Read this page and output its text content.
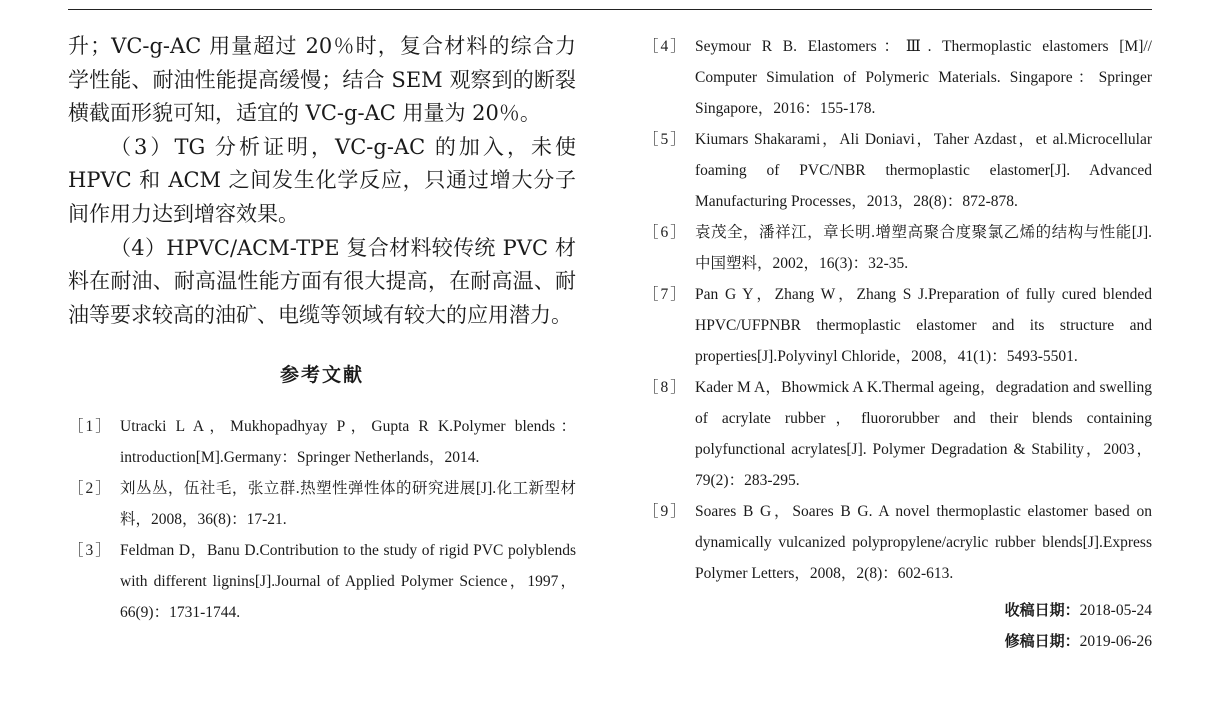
升；VC-g-AC 用量超过 20％时，复合材料的综合力学性能、耐油性能提高缓慢；结合 SEM 观察到的断裂横截面形貌可知，适宜的 VC-g-AC 用量为 20％。

（3）TG 分析证明，VC-g-AC 的加入，未使 HPVC 和 ACM 之间发生化学反应，只通过增大分子间作用力达到增容效果。

（4）HPVC/ACM-TPE 复合材料较传统 PVC 材料在耐油、耐高温性能方面有很大提高，在耐高温、耐油等要求较高的油矿、电缆等领域有较大的应用潜力。

参考文献
［1］ Utracki L A，Mukhopadhyay P，Gupta R K.Polymer blends：introduction[M].Germany：Springer Netherlands，2014.
［2］ 刘丛丛，伍社毛，张立群.热塑性弹性体的研究进展[J].化工新型材料，2008，36(8)：17-21.
［3］ Feldman D，Banu D.Contribution to the study of rigid PVC polyblends with different lignins[J].Journal of Applied Polymer Science，1997，66(9)：1731-1744.
［4］ Seymour R B. Elastomers：Ⅲ. Thermoplastic elastomers [M]// Computer Simulation of Polymeric Materials. Singapore：Springer Singapore，2016：155-178.
［5］ Kiumars Shakarami，Ali Doniavi，Taher Azdast，et al.Microcellular foaming of PVC/NBR thermoplastic elastomer[J]. Advanced Manufacturing Processes，2013，28(8)：872-878.
［6］ 袁茂全，潘祥江，章长明.增塑高聚合度聚氯乙烯的结构与性能[J].中国塑料，2002，16(3)：32-35.
［7］ Pan G Y，Zhang W，Zhang S J.Preparation of fully cured blended HPVC/UFPNBR thermoplastic elastomer and its structure and properties[J].Polyvinyl Chloride，2008，41(1)：5493-5501.
［8］ Kader M A，Bhowmick A K.Thermal ageing，degradation and swelling of acrylate rubber，fluororubber and their blends containing polyfunctional acrylates[J]. Polymer Degradation & Stability，2003，79(2)：283-295.
［9］ Soares B G，Soares B G. A novel thermoplastic elastomer based on dynamically vulcanized polypropylene/acrylic rubber blends[J].Express Polymer Letters，2008，2(8)：602-613.
收稿日期：2018-05-24
修稿日期：2019-06-26
